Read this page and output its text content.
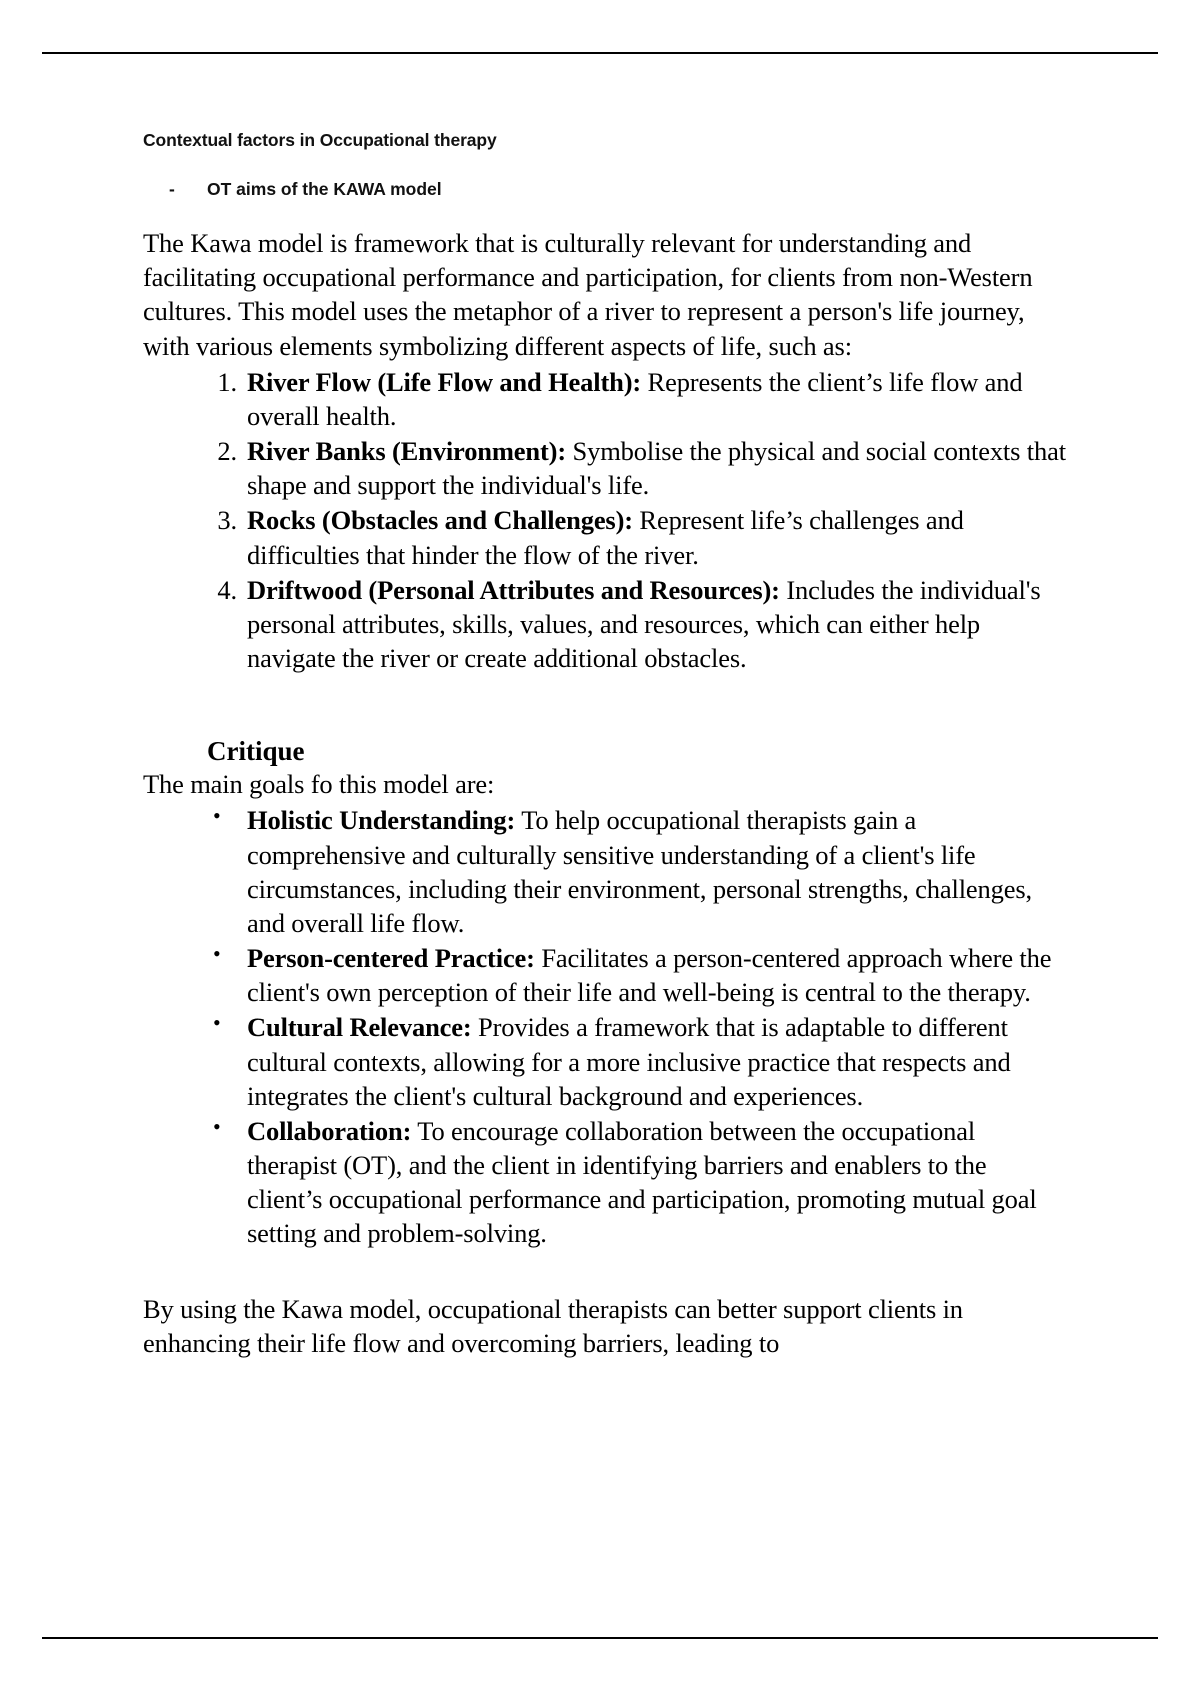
Contextual factors in Occupational therapy
- OT aims of the KAWA model

The Kawa model is framework that is culturally relevant for understanding and facilitating occupational performance and participation, for clients from non-Western cultures. This model uses the metaphor of a river to represent a person's life journey, with various elements symbolizing different aspects of life, such as:

River Flow (Life Flow and Health): Represents the client’s life flow and overall health.
River Banks (Environment): Symbolise the physical and social contexts that shape and support the individual's life.
Rocks (Obstacles and Challenges): Represent life’s challenges and difficulties that hinder the flow of the river.
Driftwood (Personal Attributes and Resources): Includes the individual's personal attributes, skills, values, and resources, which can either help navigate the river or create additional obstacles.
Critique

The main goals fo this model are:

• Holistic Understanding: To help occupational therapists gain a comprehensive and culturally sensitive understanding of a client's life circumstances, including their environment, personal strengths, challenges, and overall life flow.
• Person-centered Practice: Facilitates a person-centered approach where the client's own perception of their life and well-being is central to the therapy.
• Cultural Relevance: Provides a framework that is adaptable to different cultural contexts, allowing for a more inclusive practice that respects and integrates the client's cultural background and experiences.
• Collaboration: To encourage collaboration between the occupational therapist (OT), and the client in identifying barriers and enablers to the client’s occupational performance and participation, promoting mutual goal setting and problem-solving.

By using the Kawa model, occupational therapists can better support clients in enhancing their life flow and overcoming barriers, leading to
